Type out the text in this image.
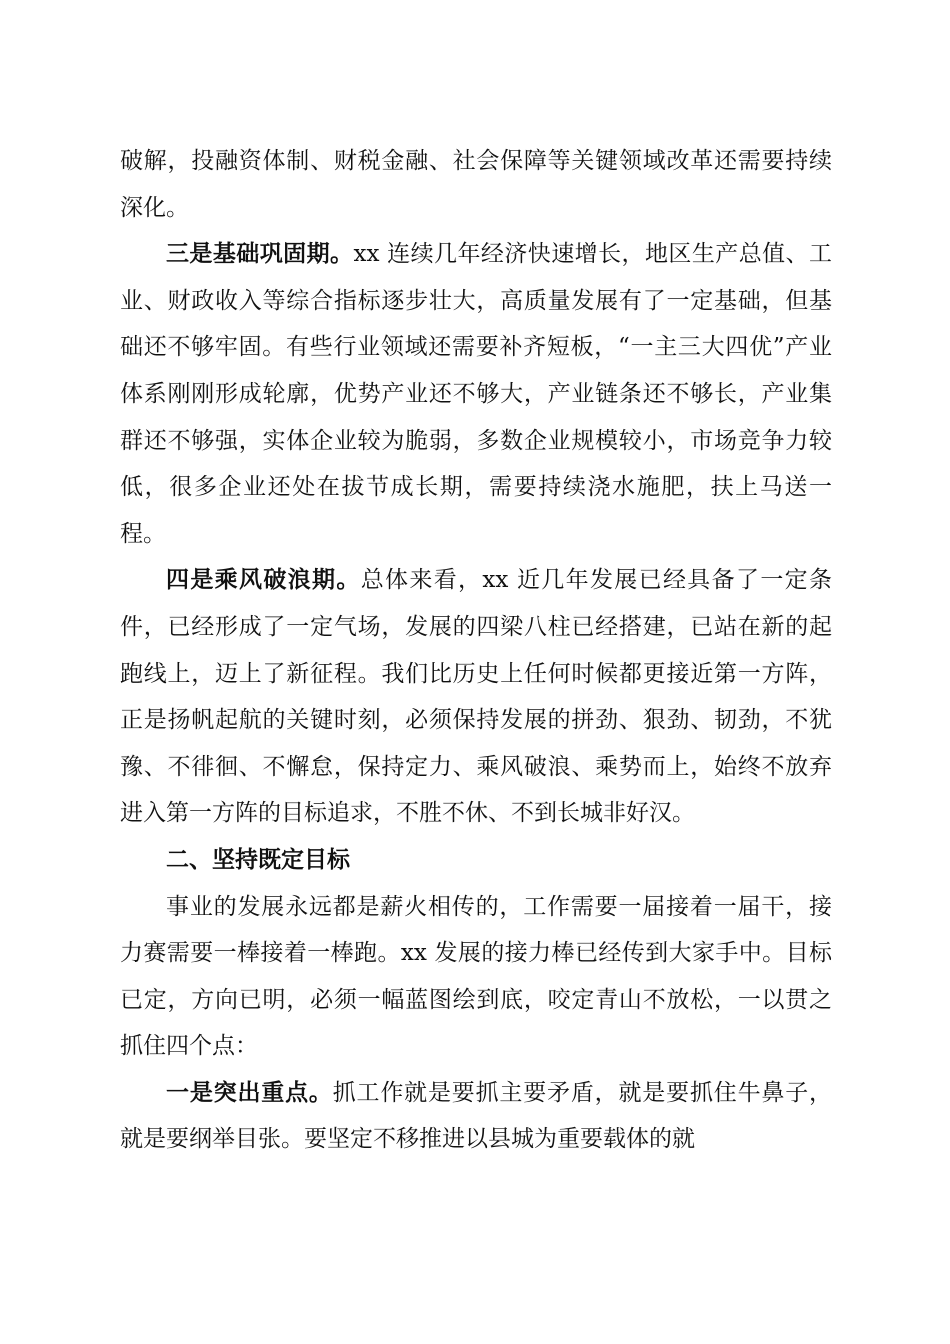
破解，投融资体制、财税金融、社会保障等关键领域改革还需要持续深化。

三是基础巩固期。xx 连续几年经济快速增长，地区生产总值、工业、财政收入等综合指标逐步壮大，高质量发展有了一定基础，但基础还不够牢固。有些行业领域还需要补齐短板，“一主三大四优”产业体系刚刚形成轮廓，优势产业还不够大，产业链条还不够长，产业集群还不够强，实体企业较为脆弱，多数企业规模较小，市场竞争力较低，很多企业还处在拔节成长期，需要持续浇水施肥，扶上马送一程。

四是乘风破浪期。总体来看，xx 近几年发展已经具备了一定条件，已经形成了一定气场，发展的四梁八柱已经搭建，已站在新的起跑线上，迈上了新征程。我们比历史上任何时候都更接近第一方阵，正是扬帆起航的关键时刻，必须保持发展的拼劲、狠劲、韧劲，不犹豫、不徘徊、不懈怠，保持定力、乘风破浪、乘势而上，始终不放弃进入第一方阵的目标追求，不胜不休、不到长城非好汉。

二、坚持既定目标

事业的发展永远都是薪火相传的，工作需要一届接着一届干，接力赛需要一棒接着一棒跑。xx 发展的接力棒已经传到大家手中。目标已定，方向已明，必须一幅蓝图绘到底，咬定青山不放松，一以贯之抓住四个点：

一是突出重点。抓工作就是要抓主要矛盾，就是要抓住牛鼻子，就是要纲举目张。要坚定不移推进以县城为重要载体的就
